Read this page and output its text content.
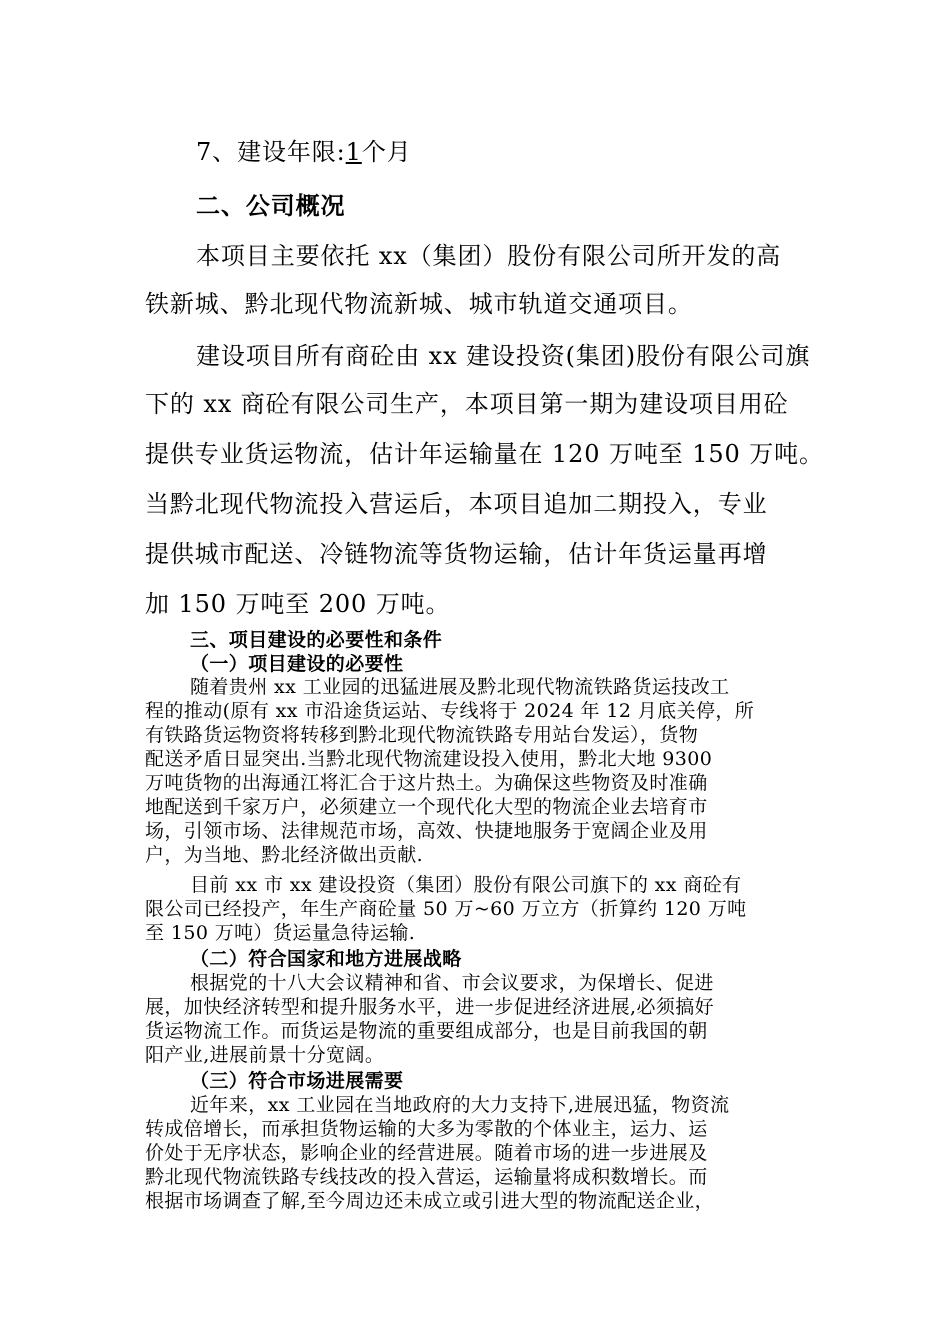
7、建设年限:1个月

二、公司概况

本项目主要依托 xx（集团）股份有限公司所开发的高

铁新城、黔北现代物流新城、城市轨道交通项目。

建设项目所有商砼由 xx 建设投资(集团)股份有限公司旗

下的 xx 商砼有限公司生产，本项目第一期为建设项目用砼

提供专业货运物流，估计年运输量在 120 万吨至 150 万吨。

当黔北现代物流投入营运后，本项目追加二期投入，专业

提供城市配送、冷链物流等货物运输，估计年货运量再增

加 150 万吨至 200 万吨。

三、项目建设的必要性和条件

（一）项目建设的必要性

随着贵州 xx 工业园的迅猛进展及黔北现代物流铁路货运技改工

程的推动(原有 xx 市沿途货运站、专线将于 2024 年 12 月底关停，所

有铁路货运物资将转移到黔北现代物流铁路专用站台发运），货物

配送矛盾日显突出.当黔北现代物流建设投入使用，黔北大地 9300

万吨货物的出海通江将汇合于这片热土。为确保这些物资及时准确

地配送到千家万户，必须建立一个现代化大型的物流企业去培育市

场，引领市场、法律规范市场，高效、快捷地服务于宽阔企业及用

户，为当地、黔北经济做出贡献.

目前 xx 市 xx 建设投资（集团）股份有限公司旗下的 xx 商砼有

限公司已经投产，年生产商砼量 50 万~60 万立方（折算约 120 万吨

至 150 万吨）货运量急待运输.

（二）符合国家和地方进展战略

根据党的十八大会议精神和省、市会议要求，为保增长、促进

展，加快经济转型和提升服务水平，进一步促进经济进展,必须搞好

货运物流工作。而货运是物流的重要组成部分，也是目前我国的朝

阳产业,进展前景十分宽阔。

（三）符合市场进展需要

近年来，xx 工业园在当地政府的大力支持下,进展迅猛，物资流

转成倍增长，而承担货物运输的大多为零散的个体业主，运力、运

价处于无序状态，影响企业的经营进展。随着市场的进一步进展及

黔北现代物流铁路专线技改的投入营运，运输量将成积数增长。而

根据市场调查了解,至今周边还未成立或引进大型的物流配送企业，
